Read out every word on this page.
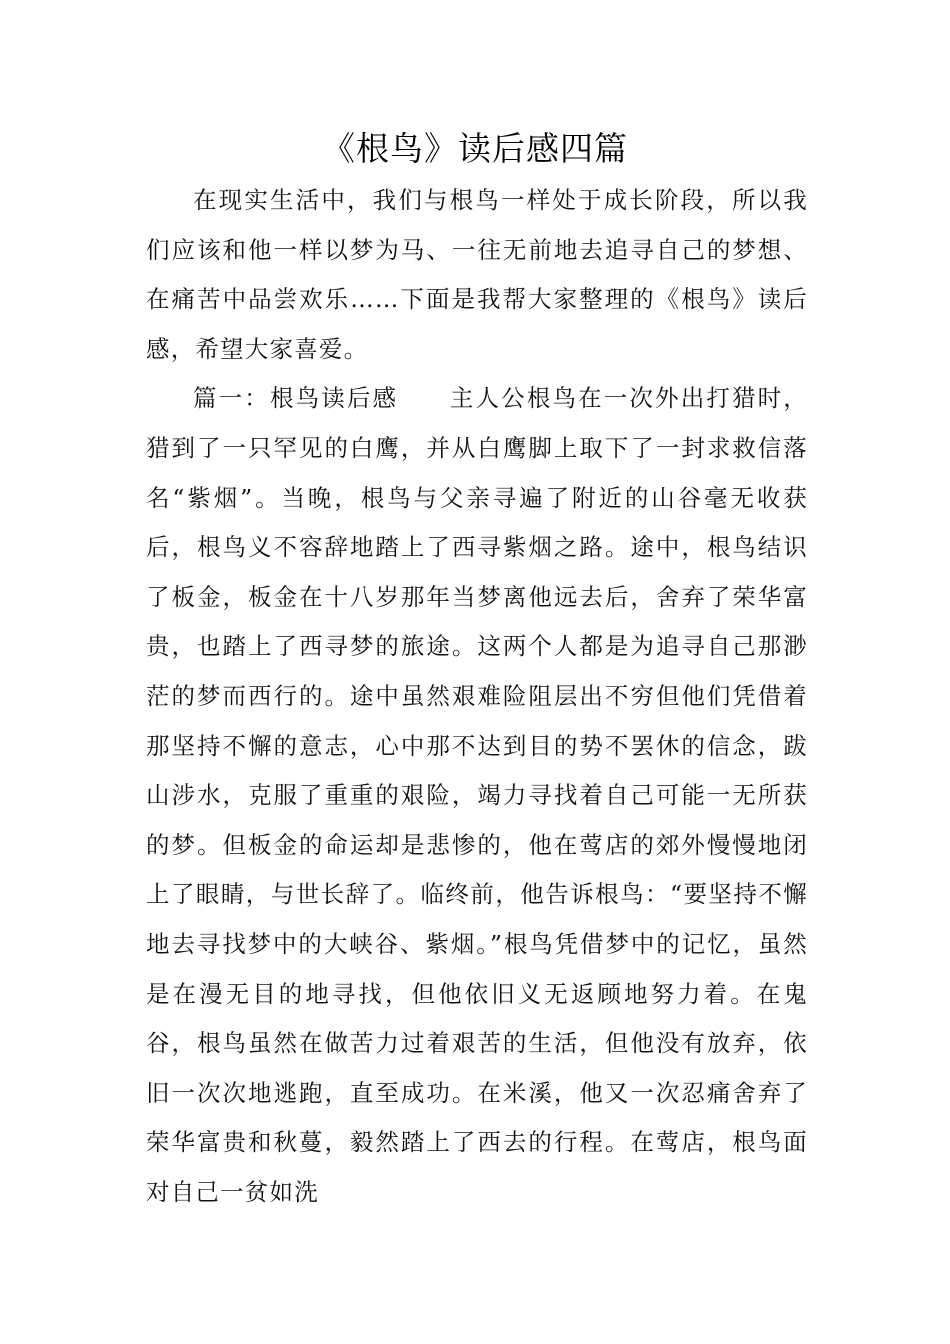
《根鸟》读后感四篇

在现实生活中，我们与根鸟一样处于成长阶段，所以我们应该和他一样以梦为马、一往无前地去追寻自己的梦想、在痛苦中品尝欢乐……下面是我帮大家整理的《根鸟》读后感，希望大家喜爱。

篇一：根鸟读后感 主人公根鸟在一次外出打猎时，猎到了一只罕见的白鹰，并从白鹰脚上取下了一封求救信落名“紫烟”。当晚，根鸟与父亲寻遍了附近的山谷毫无收获后，根鸟义不容辞地踏上了西寻紫烟之路。途中，根鸟结识了板金，板金在十八岁那年当梦离他远去后，舍弃了荣华富贵，也踏上了西寻梦的旅途。这两个人都是为追寻自己那渺茫的梦而西行的。途中虽然艰难险阻层出不穷但他们凭借着那坚持不懈的意志，心中那不达到目的势不罢休的信念，跋山涉水，克服了重重的艰险，竭力寻找着自己可能一无所获的梦。但板金的命运却是悲惨的，他在莺店的郊外慢慢地闭上了眼睛，与世长辞了。临终前，他告诉根鸟：“要坚持不懈地去寻找梦中的大峡谷、紫烟。”根鸟凭借梦中的记忆，虽然是在漫无目的地寻找，但他依旧义无返顾地努力着。在鬼谷，根鸟虽然在做苦力过着艰苦的生活，但他没有放弃，依旧一次次地逃跑，直至成功。在米溪，他又一次忍痛舍弃了荣华富贵和秋蔓，毅然踏上了西去的行程。在莺店，根鸟面对自己一贫如洗
